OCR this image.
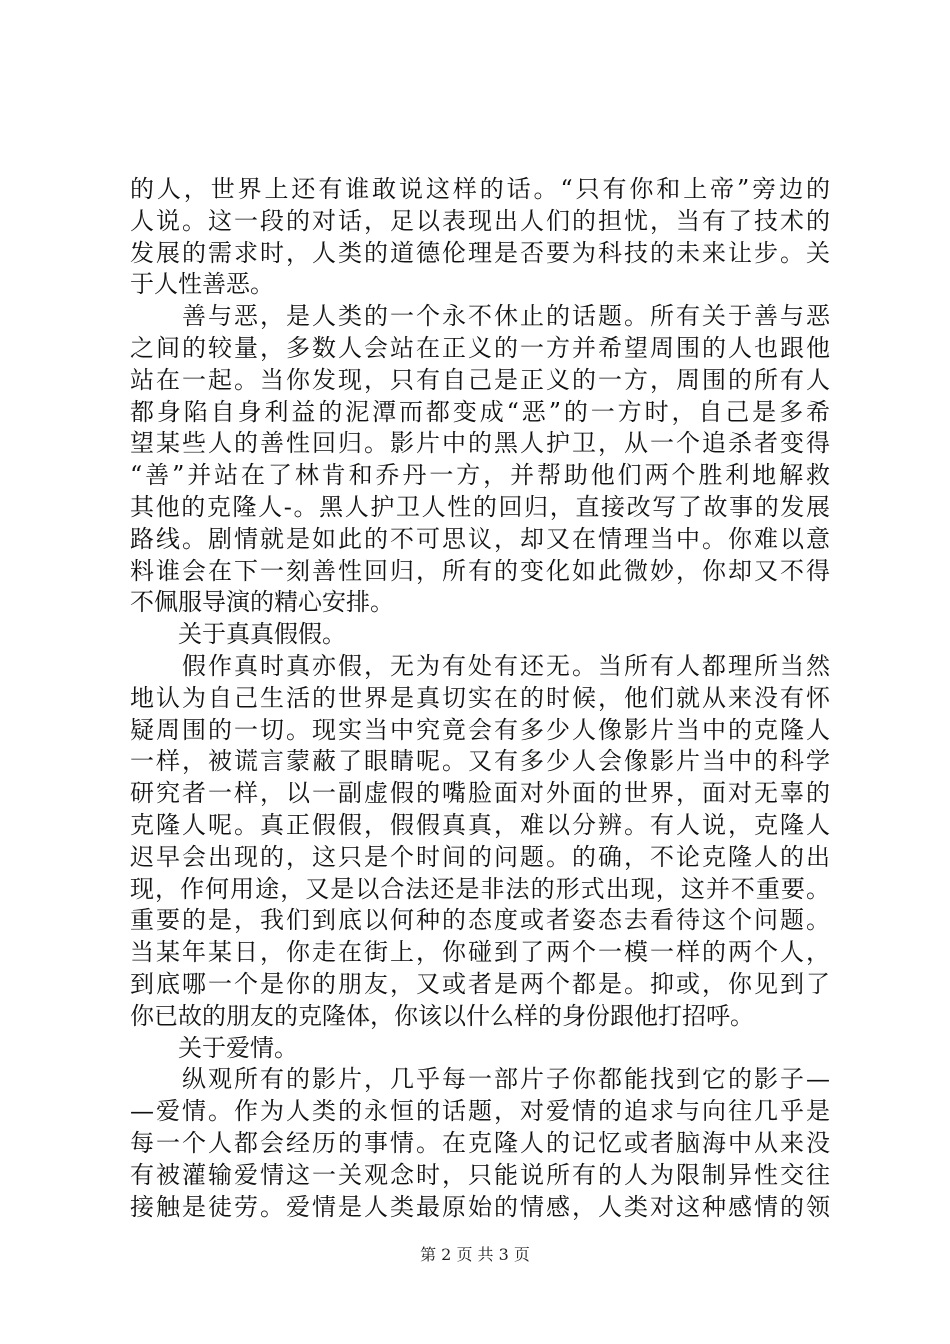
的人，世界上还有谁敢说这样的话。“只有你和上帝”旁边的
人说。这一段的对话，足以表现出人们的担忧，当有了技术的
发展的需求时，人类的道德伦理是否要为科技的未来让步。关
于人性善恶。
　　善与恶，是人类的一个永不休止的话题。所有关于善与恶
之间的较量，多数人会站在正义的一方并希望周围的人也跟他
站在一起。当你发现，只有自己是正义的一方，周围的所有人
都身陷自身利益的泥潭而都变成“恶”的一方时，自己是多希
望某些人的善性回归。影片中的黑人护卫，从一个追杀者变得
“善”并站在了林肯和乔丹一方，并帮助他们两个胜利地解救
其他的克隆人-。黑人护卫人性的回归，直接改写了故事的发展
路线。剧情就是如此的不可思议，却又在情理当中。你难以意
料谁会在下一刻善性回归，所有的变化如此微妙，你却又不得
不佩服导演的精心安排。
　　关于真真假假。
　　假作真时真亦假，无为有处有还无。当所有人都理所当然
地认为自己生活的世界是真切实在的时候，他们就从来没有怀
疑周围的一切。现实当中究竟会有多少人像影片当中的克隆人
一样，被谎言蒙蔽了眼睛呢。又有多少人会像影片当中的科学
研究者一样，以一副虚假的嘴脸面对外面的世界，面对无辜的
克隆人呢。真正假假，假假真真，难以分辨。有人说，克隆人
迟早会出现的，这只是个时间的问题。的确，不论克隆人的出
现，作何用途，又是以合法还是非法的形式出现，这并不重要。
重要的是，我们到底以何种的态度或者姿态去看待这个问题。
当某年某日，你走在街上，你碰到了两个一模一样的两个人，
到底哪一个是你的朋友，又或者是两个都是。抑或，你见到了
你已故的朋友的克隆体，你该以什么样的身份跟他打招呼。
　　关于爱情。
　　纵观所有的影片，几乎每一部片子你都能找到它的影子—
—爱情。作为人类的永恒的话题，对爱情的追求与向往几乎是
每一个人都会经历的事情。在克隆人的记忆或者脑海中从来没
有被灌输爱情这一关观念时，只能说所有的人为限制异性交往
接触是徒劳。爱情是人类最原始的情感，人类对这种感情的领
第 2 页 共 3 页
